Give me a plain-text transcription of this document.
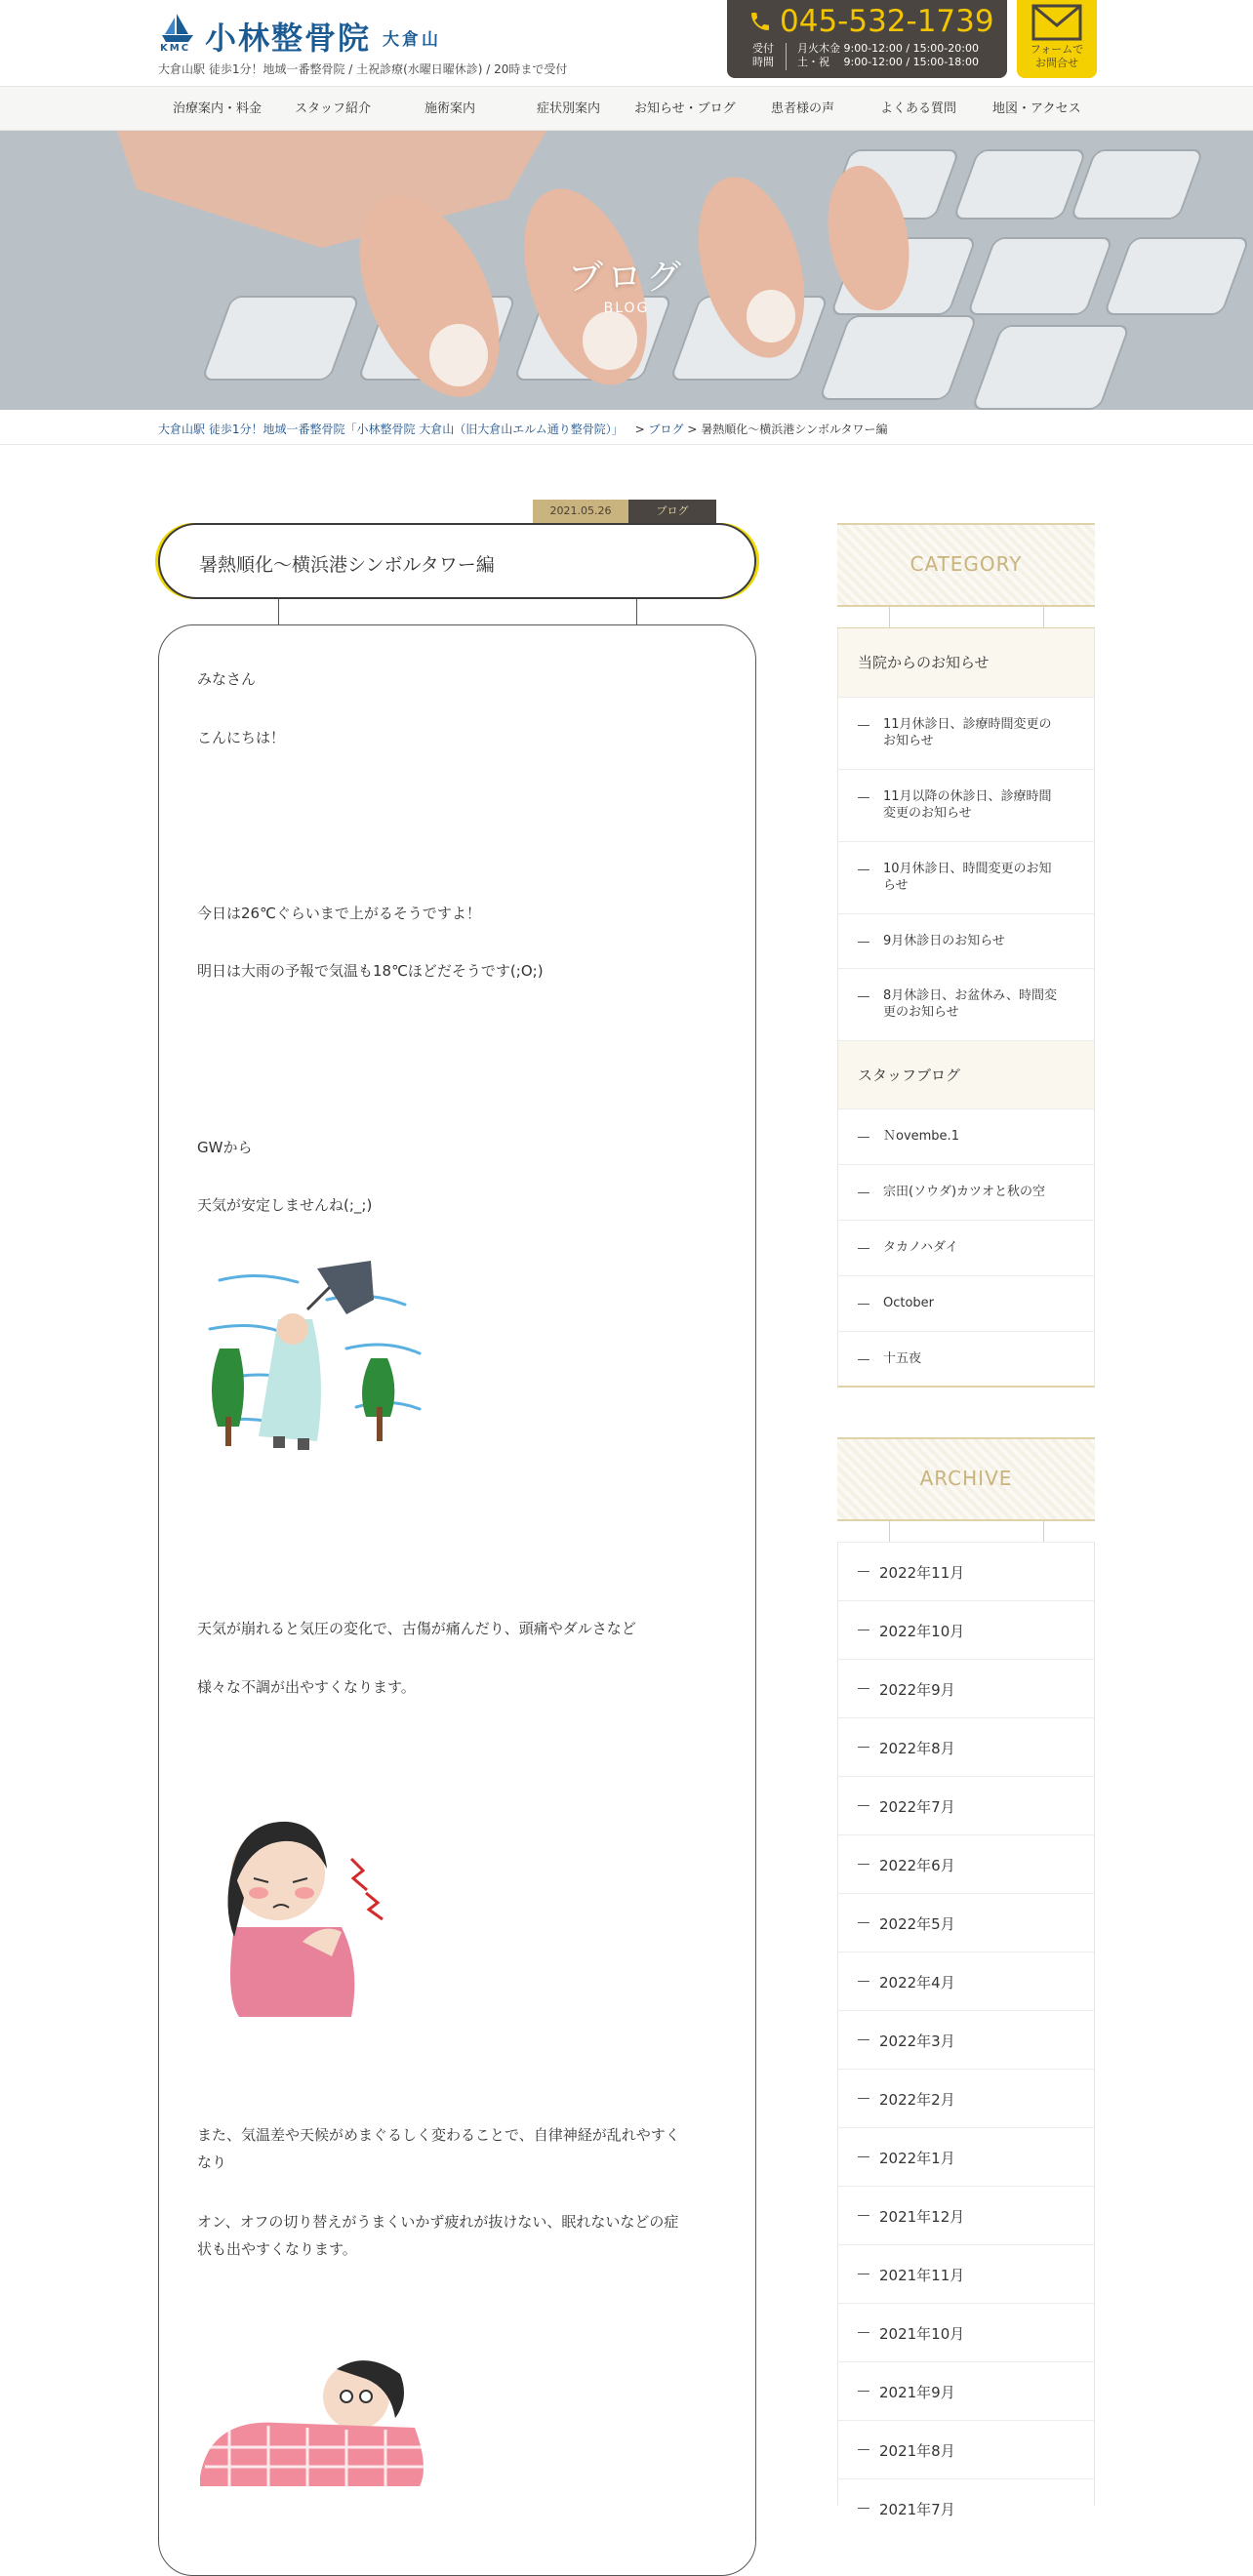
KMC 小林整骨院 大倉山
大倉山駅 徒歩1分！地域一番整骨院 / 土祝診療(水曜日曜休診) / 20時まで受付
045-532-1739
受付
時間
月火木金 9:00-12:00 / 15:00-20:00
土・祝　 9:00-12:00 / 15:00-18:00
フォームで
お問合せ
治療案内・料金	スタッフ紹介	施術案内	症状別案内	お知らせ・ブログ	患者様の声	よくある質問	地図・アクセス
ブログ
BLOG
大倉山駅 徒歩1分！地域一番整骨院「小林整骨院 大倉山（旧大倉山エルム通り整骨院）」 > ブログ > 暑熱順化～横浜港シンボルタワー編
2021.05.26	ブログ
暑熱順化～横浜港シンボルタワー編
みなさん
こんにちは！
今日は26℃ぐらいまで上がるそうですよ！
明日は大雨の予報で気温も18℃ほどだそうです(;O;)
GWから
天気が安定しませんね(;_;)
天気が崩れると気圧の変化で、古傷が痛んだり、頭痛やダルさなど
様々な不調が出やすくなります。
また、気温差や天候がめまぐるしく変わることで、自律神経が乱れやすく
なり
オン、オフの切り替えがうまくいかず疲れが抜けない、眠れないなどの症
状も出やすくなります。
CATEGORY
当院からのお知らせ
11月休診日、診療時間変更の
お知らせ
11月以降の休診日、診療時間
変更のお知らせ
10月休診日、時間変更のお知
らせ
9月休診日のお知らせ
8月休診日、お盆休み、時間変
更のお知らせ
スタッフブログ
Ｎovembe.1
宗田(ソウダ)カツオと秋の空
タカノハダイ
October
十五夜
ARCHIVE
2022年11月
2022年10月
2022年9月
2022年8月
2022年7月
2022年6月
2022年5月
2022年4月
2022年3月
2022年2月
2022年1月
2021年12月
2021年11月
2021年10月
2021年9月
2021年8月
2021年7月
